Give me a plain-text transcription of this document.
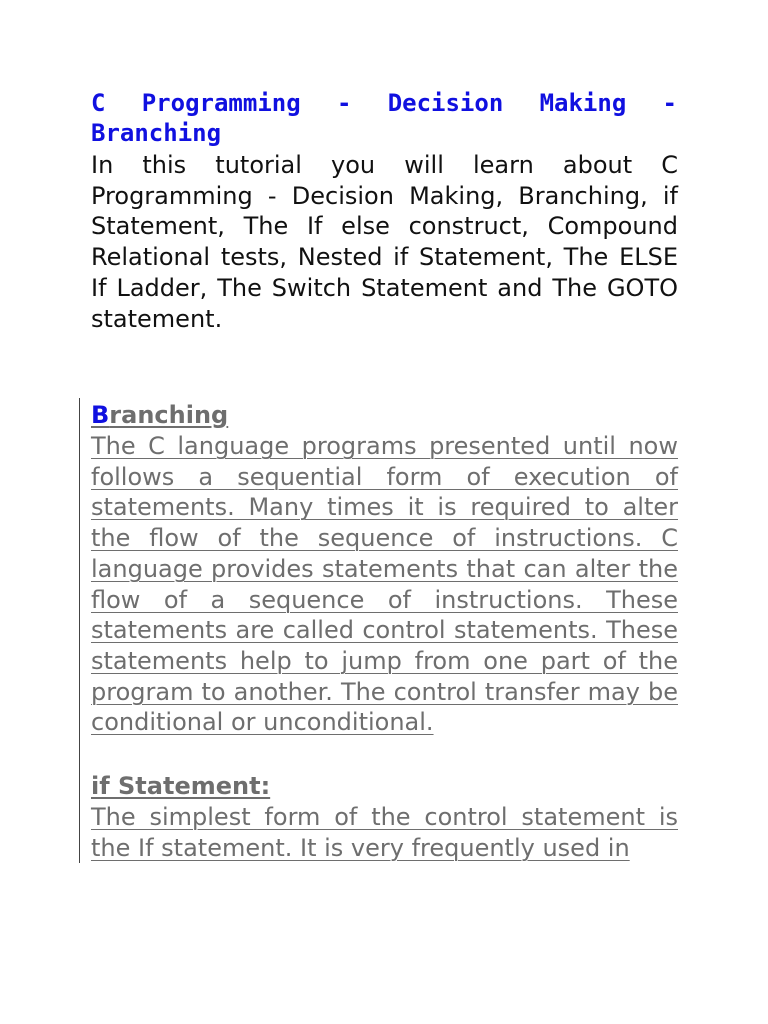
C Programming - Decision Making - Branching

In this tutorial you will learn about C Programming - Decision Making, Branching, if Statement, The If else construct, Compound Relational tests, Nested if Statement, The ELSE If Ladder, The Switch Statement and The GOTO statement.

Branching

The C language programs presented until now follows a sequential form of execution of statements. Many times it is required to alter the flow of the sequence of instructions. C language provides statements that can alter the flow of a sequence of instructions. These statements are called control statements. These statements help to jump from one part of the program to another. The control transfer may be conditional or unconditional.

if Statement:

The simplest form of the control statement is the If statement. It is very frequently used in
